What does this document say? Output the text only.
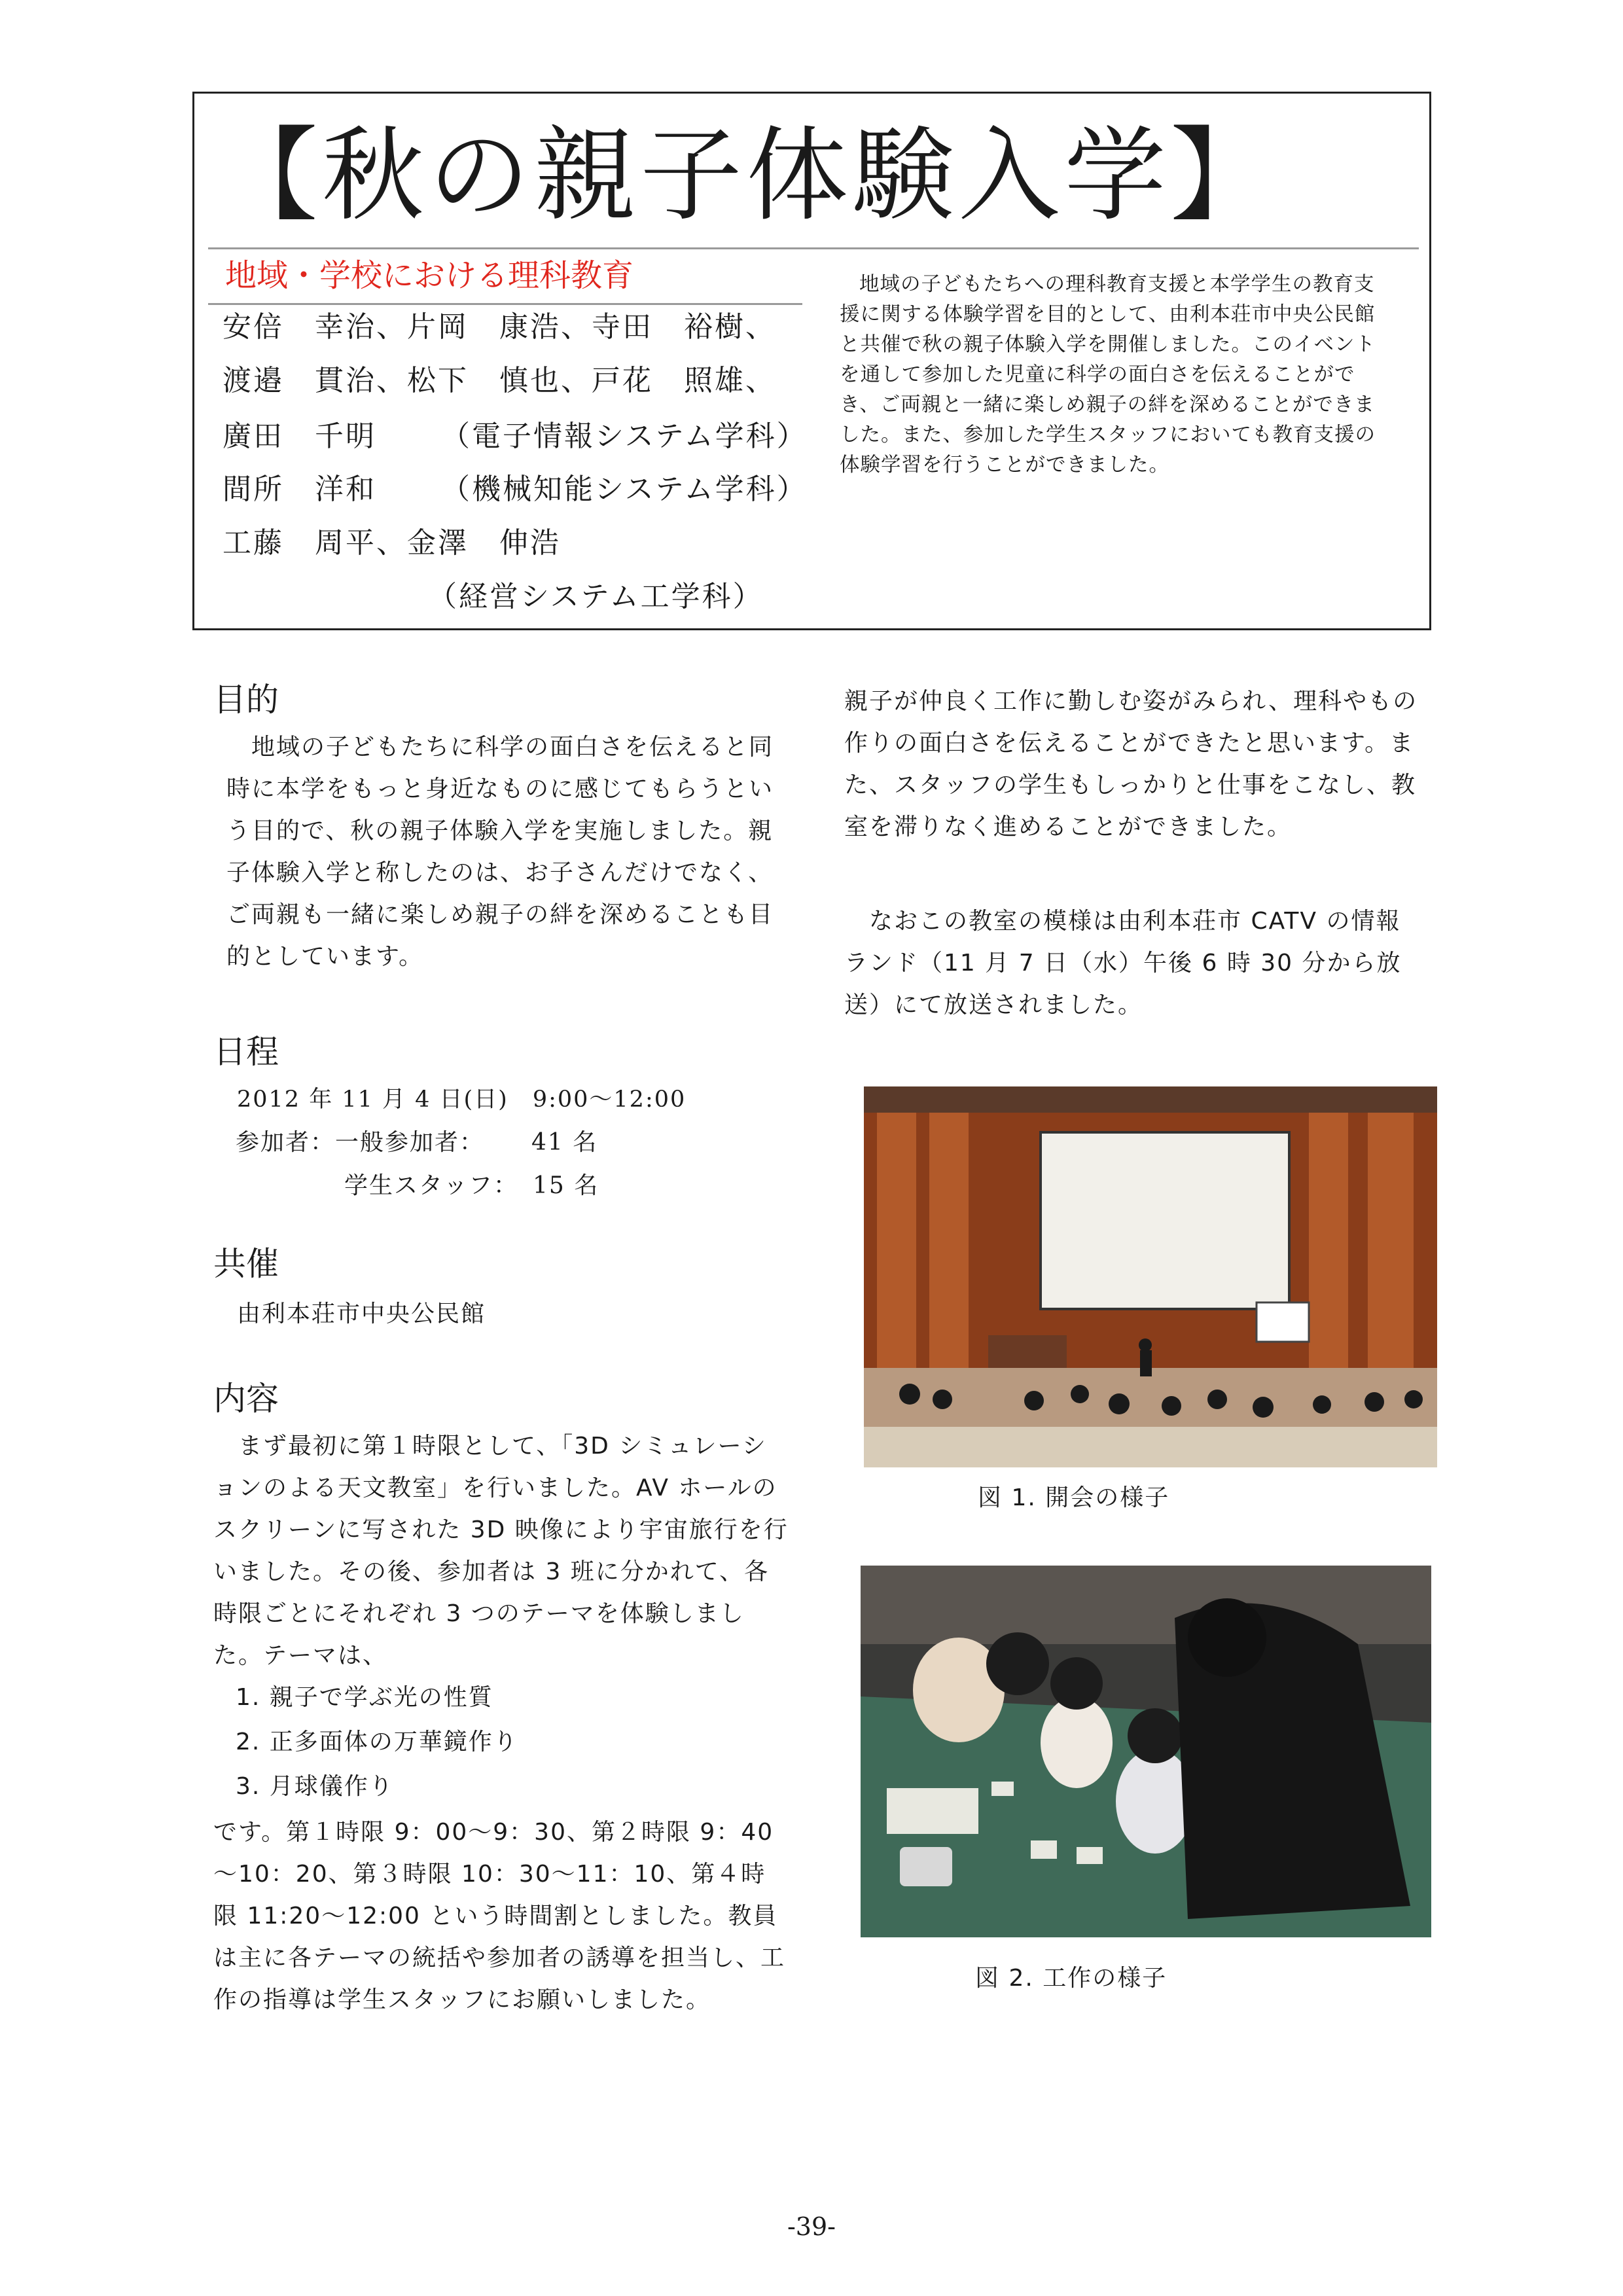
【秋の親子体験入学】
地域・学校における理科教育
安倍　幸治、片岡　康浩、寺田　裕樹、
渡邉　貫治、松下　慎也、戸花　照雄、
廣田　千明 （電子情報システム学科）
間所　洋和 （機械知能システム学科）
工藤　周平、金澤　伸浩
（経営システム工学科）
地域の子どもたちへの理科教育支援と本学学生の教育支援に関する体験学習を目的として、由利本荘市中央公民館と共催で秋の親子体験入学を開催しました。このイベントを通して参加した児童に科学の面白さを伝えることができ、ご両親と一緒に楽しめ親子の絆を深めることができました。また、参加した学生スタッフにおいても教育支援の体験学習を行うことができました。
目的
地域の子どもたちに科学の面白さを伝えると同時に本学をもっと身近なものに感じてもらうという目的で、秋の親子体験入学を実施しました。親子体験入学と称したのは、お子さんだけでなく、ご両親も一緒に楽しめ親子の絆を深めることも目的としています。
日程
2012 年 11 月 4 日(日)　9:00～12:00
参加者：一般参加者： 41 名
学生スタッフ： 15 名
共催
由利本荘市中央公民館
内容
まず最初に第１時限として、「3D シミュレーションのよる天文教室」を行いました。AV ホールのスクリーンに写された 3D 映像により宇宙旅行を行いました。その後、参加者は 3 班に分かれて、各時限ごとにそれぞれ 3 つのテーマを体験しました。テーマは、
1. 親子で学ぶ光の性質
2. 正多面体の万華鏡作り
3. 月球儀作り
です。第１時限 9：00～9：30、第２時限 9：40～10：20、第３時限 10：30～11：10、第４時限 11:20～12:00 という時間割としました。教員は主に各テーマの統括や参加者の誘導を担当し、工作の指導は学生スタッフにお願いしました。
親子が仲良く工作に勤しむ姿がみられ、理科やもの作りの面白さを伝えることができたと思います。また、スタッフの学生もしっかりと仕事をこなし、教室を滞りなく進めることができました。
なおこの教室の模様は由利本荘市 CATV の情報ランド（11 月 7 日（水）午後 6 時 30 分から放送）にて放送されました。
図 1. 開会の様子
図 2. 工作の様子
-39-
